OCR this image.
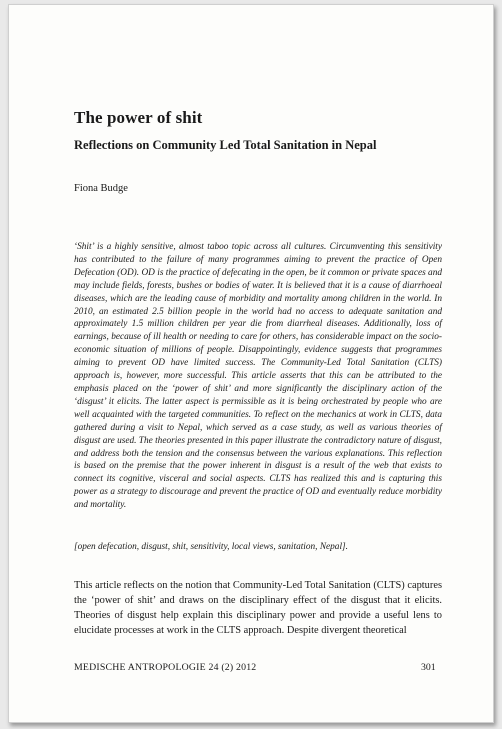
The power of shit
Reflections on Community Led Total Sanitation in Nepal
Fiona Budge

‘Shit’ is a highly sensitive, almost taboo topic across all cultures. Circumventing this sensitivity has contributed to the failure of many programmes aiming to prevent the practice of Open Defecation (OD). OD is the practice of defecating in the open, be it common or private spaces and may include fields, forests, bushes or bodies of water. It is believed that it is a cause of diarrhoeal diseases, which are the leading cause of morbidity and mortality among children in the world. In 2010, an estimated 2.5 billion people in the world had no access to adequate sanitation and approximately 1.5 million children per year die from diarrheal diseases. Additionally, loss of earnings, because of ill health or needing to care for others, has considerable impact on the socio-economic situation of millions of people. Disappointingly, evidence suggests that programmes aiming to prevent OD have limited success. The Community-Led Total Sanitation (CLTS) approach is, however, more successful. This article asserts that this can be attributed to the emphasis placed on the ‘power of shit’ and more significantly the disciplinary action of the ‘disgust’ it elicits. The latter aspect is permissible as it is being orchestrated by people who are well acquainted with the targeted communities. To reflect on the mechanics at work in CLTS, data gathered during a visit to Nepal, which served as a case study, as well as various theories of disgust are used. The theories presented in this paper illustrate the contradictory nature of disgust, and address both the tension and the consensus between the various explanations. This reflection is based on the premise that the power inherent in disgust is a result of the web that exists to connect its cognitive, visceral and social aspects. CLTS has realized this and is capturing this power as a strategy to discourage and prevent the practice of OD and eventually reduce morbidity and mortality.

[open defecation, disgust, shit, sensitivity, local views, sanitation, Nepal].

This article reflects on the notion that Community-Led Total Sanitation (CLTS) captures the ‘power of shit’ and draws on the disciplinary effect of the disgust that it elicits. Theories of disgust help explain this disciplinary power and provide a useful lens to elucidate processes at work in the CLTS approach. Despite divergent theoretical

MEDISCHE ANTROPOLOGIE 24 (2) 2012	301
